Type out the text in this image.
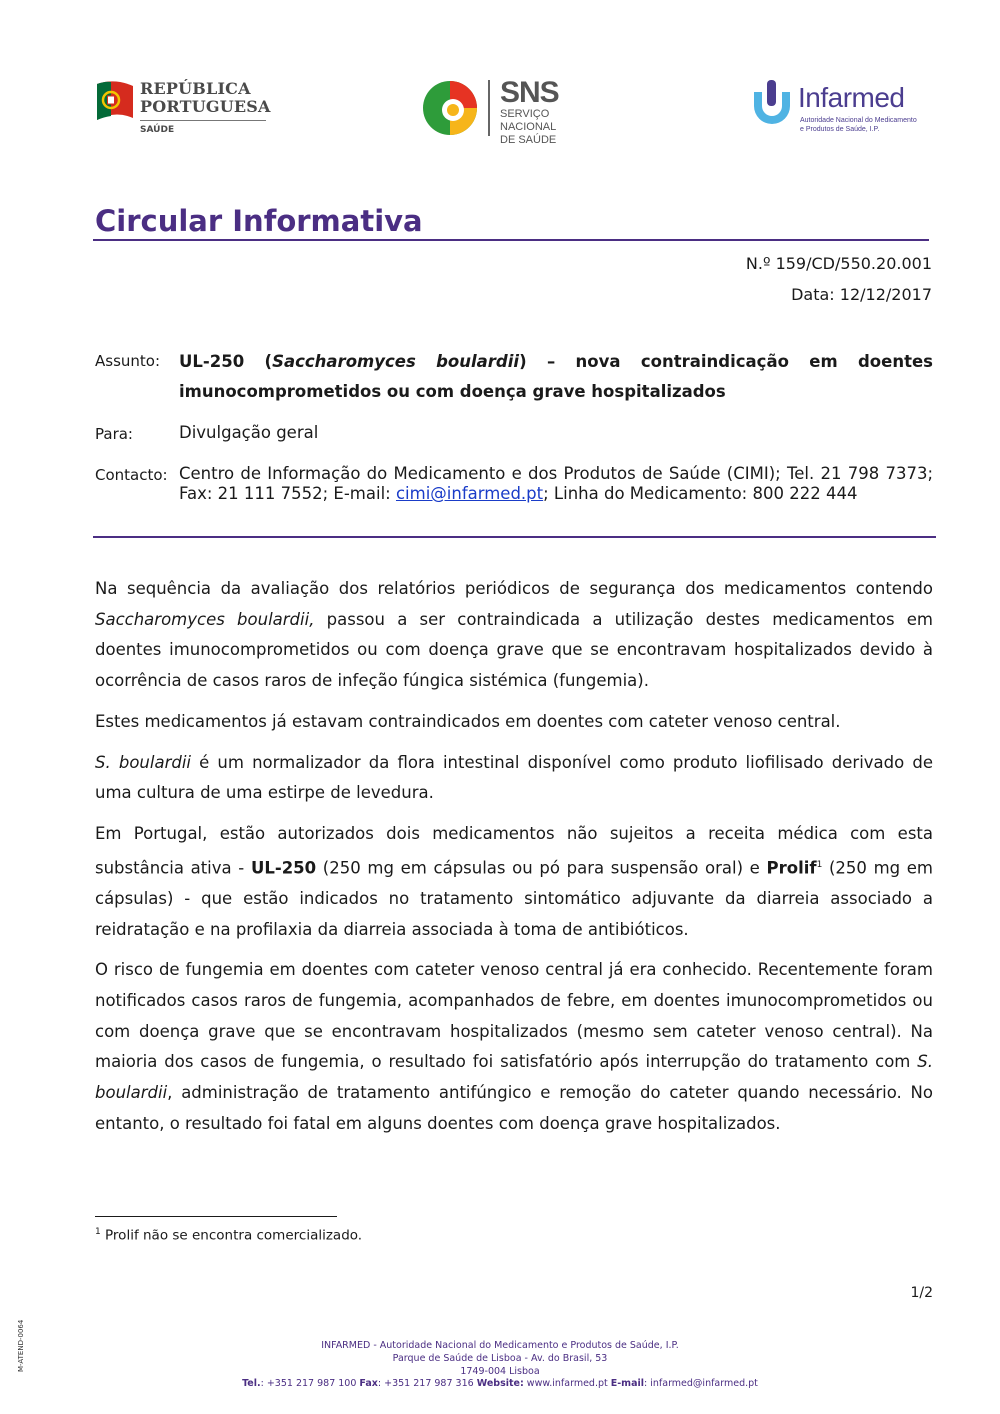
REPÚBLICA
PORTUGUESA
SAÚDE
SNS
SERVIÇO NACIONAL
DE SAÚDE
Infarmed
Autoridade Nacional do Medicamento
e Produtos de Saúde, I.P.
Circular Informativa
N.º 159/CD/550.20.001
Data: 12/12/2017
Assunto: UL-250 (Saccharomyces boulardii) – nova contraindicação em doentes imunocomprometidos ou com doença grave hospitalizados
Para:	Divulgação geral
Contacto: Centro de Informação do Medicamento e dos Produtos de Saúde (CIMI); Tel. 21 798 7373; Fax: 21 111 7552; E-mail: cimi@infarmed.pt; Linha do Medicamento: 800 222 444

Na sequência da avaliação dos relatórios periódicos de segurança dos medicamentos contendo Saccharomyces boulardii, passou a ser contraindicada a utilização destes medicamentos em doentes imunocomprometidos ou com doença grave que se encontravam hospitalizados devido à ocorrência de casos raros de infeção fúngica sistémica (fungemia).

Estes medicamentos já estavam contraindicados em doentes com cateter venoso central.

S. boulardii é um normalizador da flora intestinal disponível como produto liofilisado derivado de uma cultura de uma estirpe de levedura.

Em Portugal, estão autorizados dois medicamentos não sujeitos a receita médica com esta substância ativa - UL-250 (250 mg em cápsulas ou pó para suspensão oral) e Prolif$^1$ (250 mg em cápsulas) - que estão indicados no tratamento sintomático adjuvante da diarreia associado a reidratação e na profilaxia da diarreia associada à toma de antibióticos.

O risco de fungemia em doentes com cateter venoso central já era conhecido. Recentemente foram notificados casos raros de fungemia, acompanhados de febre, em doentes imunocomprometidos ou com doença grave que se encontravam hospitalizados (mesmo sem cateter venoso central). Na maioria dos casos de fungemia, o resultado foi satisfatório após interrupção do tratamento com S. boulardii, administração de tratamento antifúngico e remoção do cateter quando necessário. No entanto, o resultado foi fatal em alguns doentes com doença grave hospitalizados.

$^1$ Prolif não se encontra comercializado.
1/2
M-ATEND-0064	INFARMED - Autoridade Nacional do Medicamento e Produtos de Saúde, I.P.
Parque de Saúde de Lisboa - Av. do Brasil, 53
1749-004 Lisboa
Tel.: +351 217 987 100 Fax: +351 217 987 316 Website: www.infarmed.pt E-mail: infarmed@infarmed.pt
